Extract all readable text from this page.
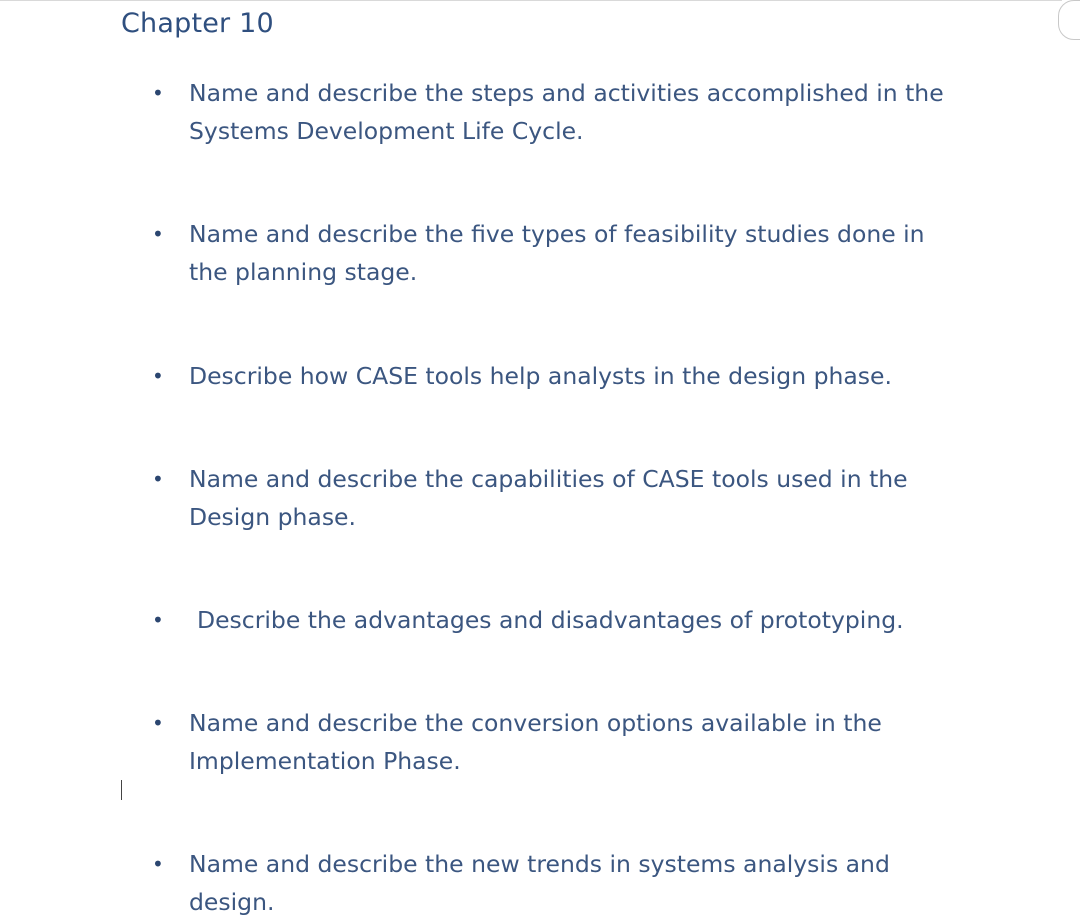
Chapter 10
• Name and describe the steps and activities accomplished in the Systems Development Life Cycle.
• Name and describe the five types of feasibility studies done in the planning stage.
• Describe how CASE tools help analysts in the design phase.
• Name and describe the capabilities of CASE tools used in the Design phase.
• Describe the advantages and disadvantages of prototyping.
• Name and describe the conversion options available in the Implementation Phase.
• Name and describe the new trends in systems analysis and design.
